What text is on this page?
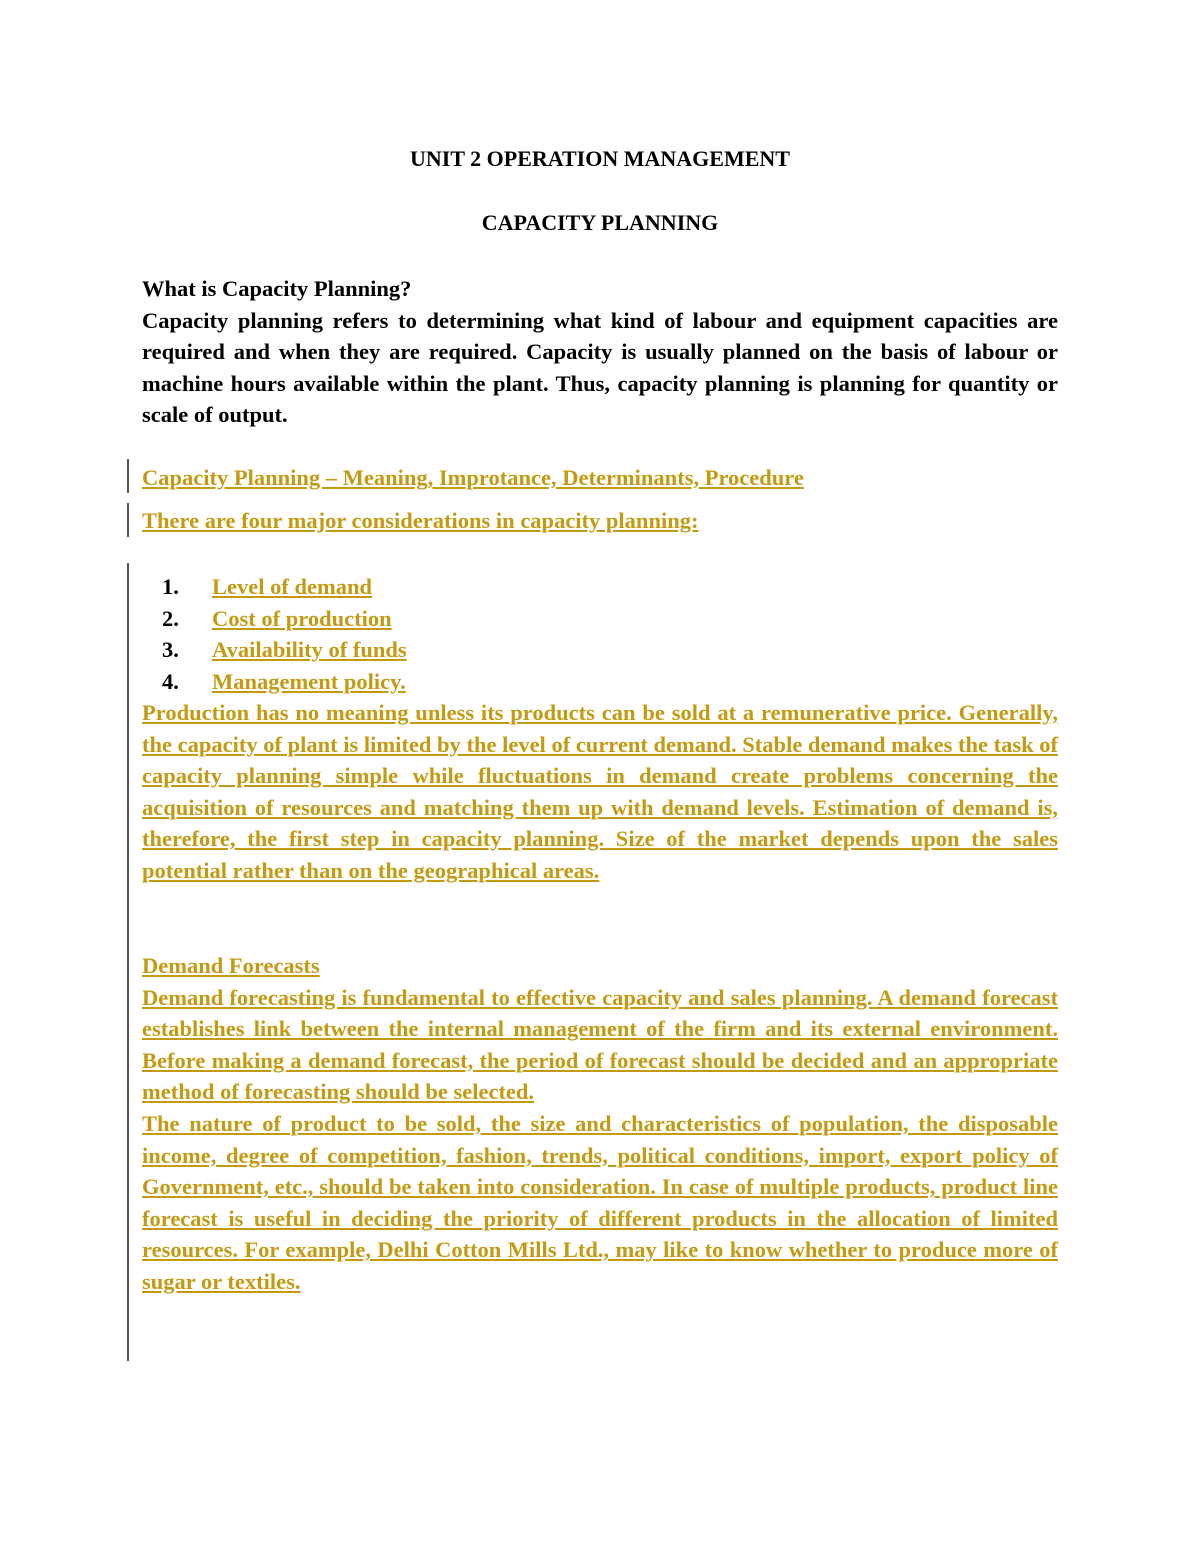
UNIT 2 OPERATION MANAGEMENT
CAPACITY PLANNING
What is Capacity Planning?
Capacity planning refers to determining what kind of labour and equipment capacities are required and when they are required. Capacity is usually planned on the basis of labour or machine hours available within the plant. Thus, capacity planning is planning for quantity or scale of output.
Capacity Planning – Meaning, Improtance, Determinants, Procedure
There are four major considerations in capacity planning:
1.	Level of demand
2.	Cost of production
3.	Availability of funds
4.	Management policy.
Production has no meaning unless its products can be sold at a remunerative price. Generally, the capacity of plant is limited by the level of current demand. Stable demand makes the task of capacity planning simple while fluctuations in demand create problems concerning the acquisition of resources and matching them up with demand levels. Estimation of demand is, therefore, the first step in capacity planning. Size of the market depends upon the sales potential rather than on the geographical areas.
Demand Forecasts
Demand forecasting is fundamental to effective capacity and sales planning. A demand forecast establishes link between the internal management of the firm and its external environment. Before making a demand forecast, the period of forecast should be decided and an appropriate method of forecasting should be selected.
The nature of product to be sold, the size and characteristics of population, the disposable income, degree of competition, fashion, trends, political conditions, import, export policy of Government, etc., should be taken into consideration. In case of multiple products, product line forecast is useful in deciding the priority of different products in the allocation of limited resources. For example, Delhi Cotton Mills Ltd., may like to know whether to produce more of sugar or textiles.
